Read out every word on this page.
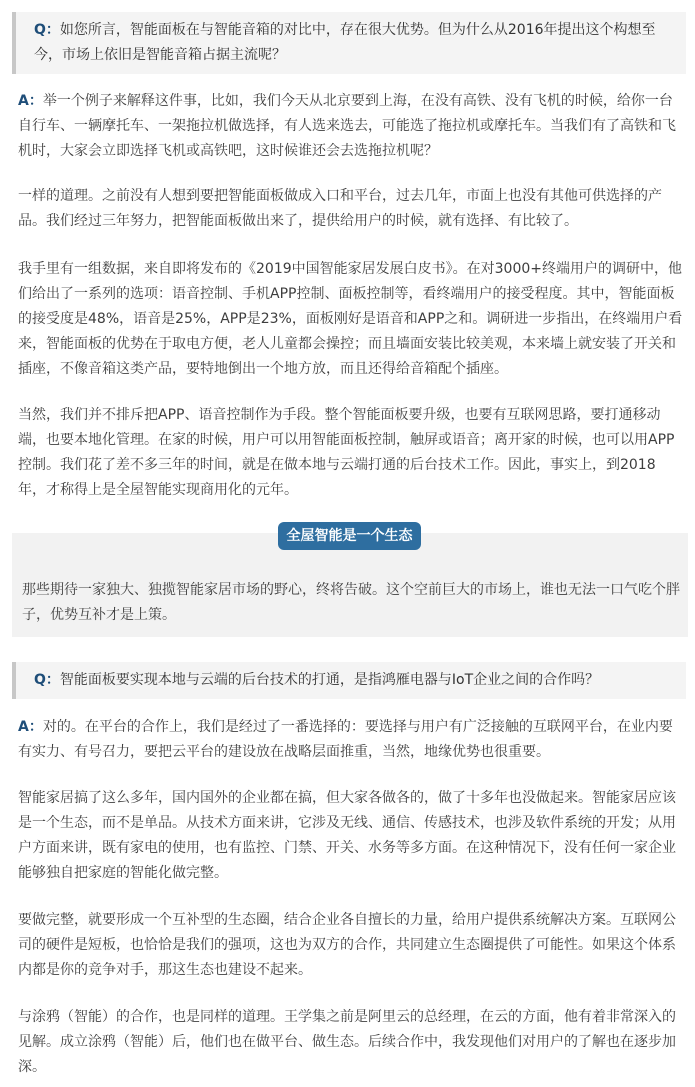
Q：如您所言，智能面板在与智能音箱的对比中，存在很大优势。但为什么从2016年提出这个构想至今，市场上依旧是智能音箱占据主流呢？

A：举一个例子来解释这件事，比如，我们今天从北京要到上海，在没有高铁、没有飞机的时候，给你一台自行车、一辆摩托车、一架拖拉机做选择，有人选来选去，可能选了拖拉机或摩托车。当我们有了高铁和飞机时，大家会立即选择飞机或高铁吧，这时候谁还会去选拖拉机呢？

一样的道理。之前没有人想到要把智能面板做成入口和平台，过去几年，市面上也没有其他可供选择的产品。我们经过三年努力，把智能面板做出来了，提供给用户的时候，就有选择、有比较了。

我手里有一组数据，来自即将发布的《2019中国智能家居发展白皮书》。在对3000+终端用户的调研中，他们给出了一系列的选项：语音控制、手机APP控制、面板控制等，看终端用户的接受程度。其中，智能面板的接受度是48%，语音是25%，APP是23%，面板刚好是语音和APP之和。调研进一步指出，在终端用户看来，智能面板的优势在于取电方便，老人儿童都会操控；而且墙面安装比较美观，本来墙上就安装了开关和插座，不像音箱这类产品，要特地倒出一个地方放，而且还得给音箱配个插座。

当然，我们并不排斥把APP、语音控制作为手段。整个智能面板要升级，也要有互联网思路，要打通移动端，也要本地化管理。在家的时候，用户可以用智能面板控制，触屏或语音；离开家的时候，也可以用APP控制。我们花了差不多三年的时间，就是在做本地与云端打通的后台技术工作。因此，事实上，到2018年，才称得上是全屋智能实现商用化的元年。

全屋智能是一个生态

那些期待一家独大、独揽智能家居市场的野心，终将告破。这个空前巨大的市场上，谁也无法一口气吃个胖子，优势互补才是上策。

Q：智能面板要实现本地与云端的后台技术的打通，是指鸿雁电器与IoT企业之间的合作吗？

A：对的。在平台的合作上，我们是经过了一番选择的：要选择与用户有广泛接触的互联网平台，在业内要有实力、有号召力，要把云平台的建设放在战略层面推重，当然，地缘优势也很重要。

智能家居搞了这么多年，国内国外的企业都在搞，但大家各做各的，做了十多年也没做起来。智能家居应该是一个生态，而不是单品。从技术方面来讲，它涉及无线、通信、传感技术，也涉及软件系统的开发；从用户方面来讲，既有家电的使用，也有监控、门禁、开关、水务等多方面。在这种情况下，没有任何一家企业能够独自把家庭的智能化做完整。

要做完整，就要形成一个互补型的生态圈，结合企业各自擅长的力量，给用户提供系统解决方案。互联网公司的硬件是短板，也恰恰是我们的强项，这也为双方的合作，共同建立生态圈提供了可能性。如果这个体系内都是你的竞争对手，那这生态也建设不起来。

与涂鸦（智能）的合作，也是同样的道理。王学集之前是阿里云的总经理，在云的方面，他有着非常深入的见解。成立涂鸦（智能）后，他们也在做平台、做生态。后续合作中，我发现他们对用户的了解也在逐步加深。
